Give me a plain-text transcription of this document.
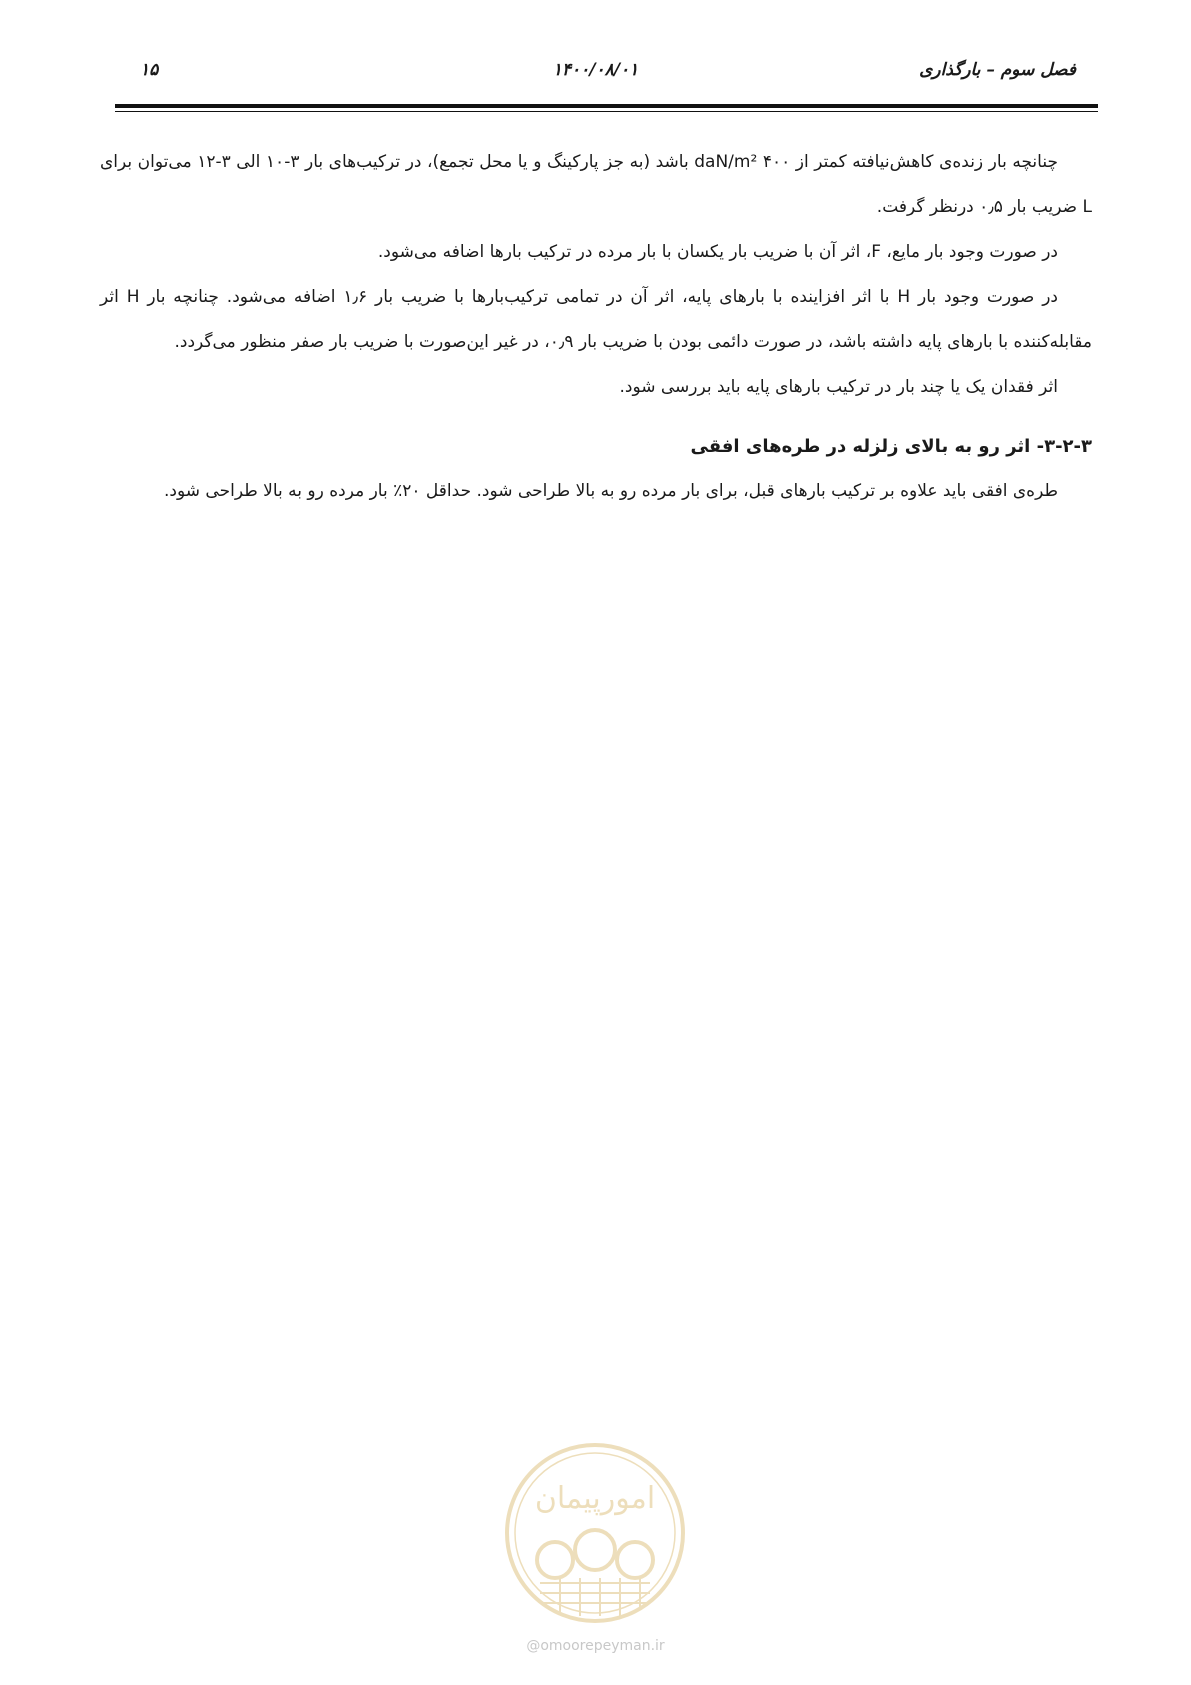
فصل سوم – بارگذاری
۱۴۰۰/۰۸/۰۱
۱۵

چنانچه بار زنده‌ی کاهش‌نیافته کمتر از daN/m² ۴۰۰ باشد (به جز پارکینگ و یا محل تجمع)، در ترکیب‌های بار ۳-۱۰ الی ۳-۱۲ می‌توان برای L ضریب بار ۰٫۵ درنظر گرفت.

در صورت وجود بار مایع، F، اثر آن با ضریب بار یکسان با بار مرده در ترکیب بارها اضافه می‌شود.

در صورت وجود بار H با اثر افزاینده با بارهای پایه، اثر آن در تمامی ترکیب‌بارها با ضریب بار ۱٫۶ اضافه می‌شود. چنانچه بار H اثر مقابله‌کننده با بارهای پایه داشته باشد، در صورت دائمی بودن با ضریب بار ۰٫۹، در غیر این‌صورت با ضریب بار صفر منظور می‌گردد.

اثر فقدان یک یا چند بار در ترکیب بارهای پایه باید بررسی شود.

۳-۲-۳- اثر رو به بالای زلزله در طره‌های افقی

طره‌ی افقی باید علاوه بر ترکیب بارهای قبل، برای بار مرده رو به بالا طراحی شود. حداقل ۲۰٪ بار مرده رو به بالا طراحی شود.

امورپیمان
@omoorepeyman.ir
